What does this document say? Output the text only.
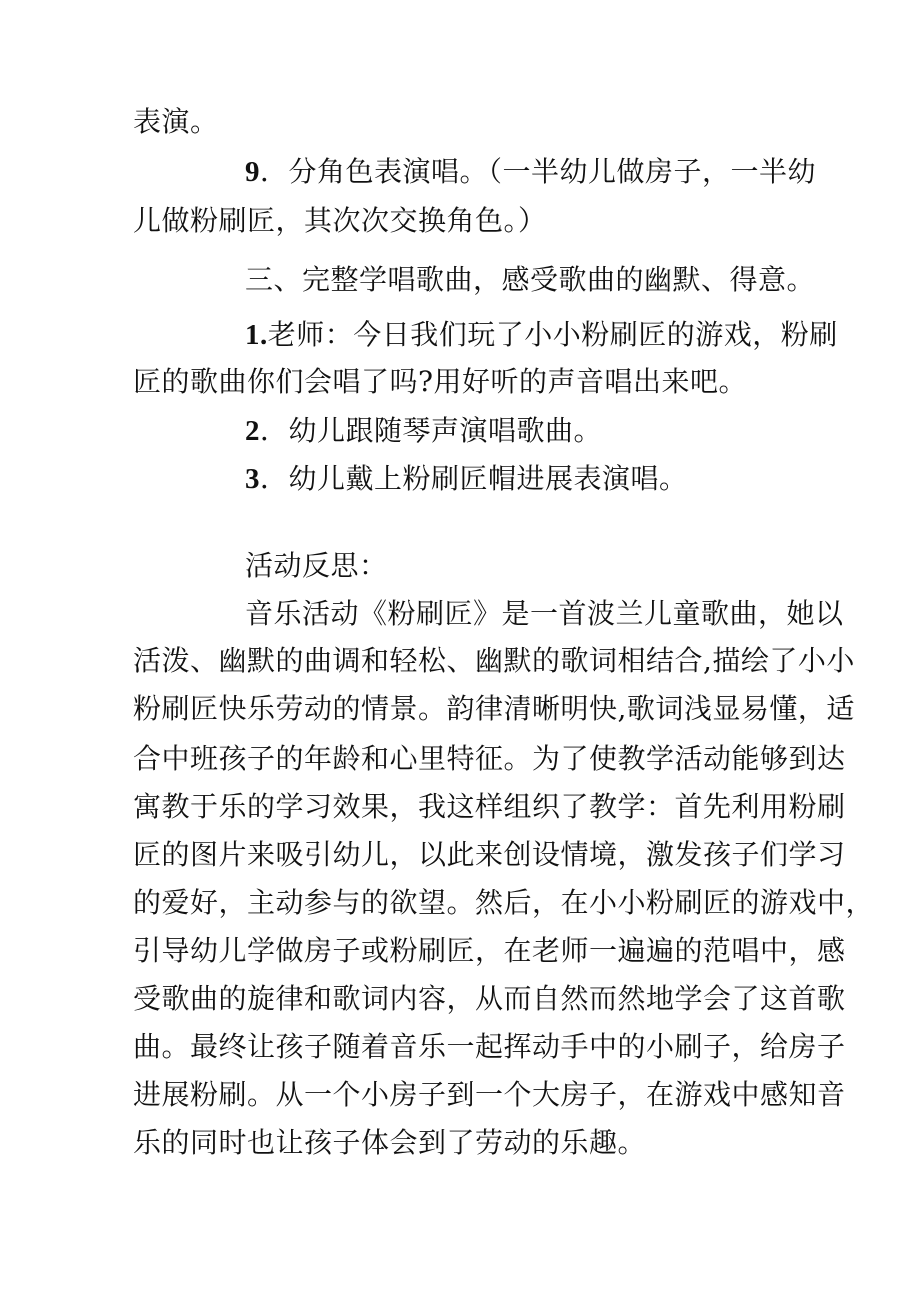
表演。
9．分角色表演唱。（一半幼儿做房子，一半幼
儿做粉刷匠，其次次交换角色。）
三、完整学唱歌曲，感受歌曲的幽默、得意。
1.老师：今日我们玩了小小粉刷匠的游戏，粉刷
匠的歌曲你们会唱了吗?用好听的声音唱出来吧。
2．幼儿跟随琴声演唱歌曲。
3．幼儿戴上粉刷匠帽进展表演唱。
活动反思：
音乐活动《粉刷匠》是一首波兰儿童歌曲，她以
活泼、幽默的曲调和轻松、幽默的歌词相结合,描绘了小小
粉刷匠快乐劳动的情景。韵律清晰明快,歌词浅显易懂，适
合中班孩子的年龄和心里特征。为了使教学活动能够到达
寓教于乐的学习效果，我这样组织了教学：首先利用粉刷
匠的图片来吸引幼儿，以此来创设情境，激发孩子们学习
的爱好，主动参与的欲望。然后，在小小粉刷匠的游戏中，
引导幼儿学做房子或粉刷匠，在老师一遍遍的范唱中，感
受歌曲的旋律和歌词内容，从而自然而然地学会了这首歌
曲。最终让孩子随着音乐一起挥动手中的小刷子，给房子
进展粉刷。从一个小房子到一个大房子，在游戏中感知音
乐的同时也让孩子体会到了劳动的乐趣。
